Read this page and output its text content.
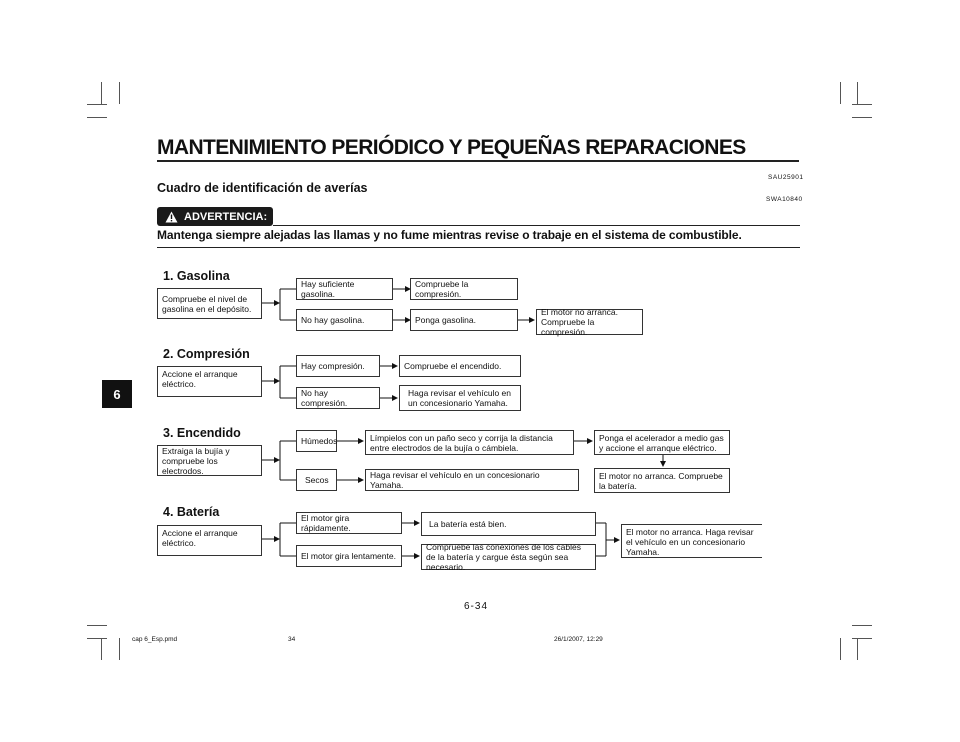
MANTENIMIENTO PERIÓDICO Y PEQUEÑAS REPARACIONES
SAU25901
Cuadro de identificación de averías
SWA10840
ADVERTENCIA:
Mantenga siempre alejadas las llamas y no fume mientras revise o trabaje en el sistema de combustible.
6
1. Gasolina
Compruebe el nivel de gasolina en el depósito.
Hay suficiente gasolina.
Compruebe la compresión.
No hay gasolina.	Ponga gasolina.
El motor no arranca. Compruebe la compresión.
2. Compresión
Accione el arranque eléctrico.
Hay compresión.	Compruebe el encendido.
No hay compresión.
Haga revisar el vehículo en un concesionario Yamaha.
3. Encendido
Extraiga la bujía y compruebe los electrodos.
Húmedos	Límpielos con un paño seco y corrija la distancia entre electrodos de la bujía o cámbiela.
Ponga el acelerador a medio gas y accione el arranque eléctrico.
Secos	Haga revisar el vehículo en un concesionario Yamaha.
El motor no arranca. Compruebe la batería.
4. Batería
Accione el arranque eléctrico.
El motor gira rápidamente.	La batería está bien.
El motor gira lentamente.
Compruebe las conexiones de los cables de la batería y cargue ésta según sea necesario.
El motor no arranca. Haga revisar el vehículo en un concesionario Yamaha.
6-34
cap 6_Esp.pmd	34	26/1/2007, 12:29
